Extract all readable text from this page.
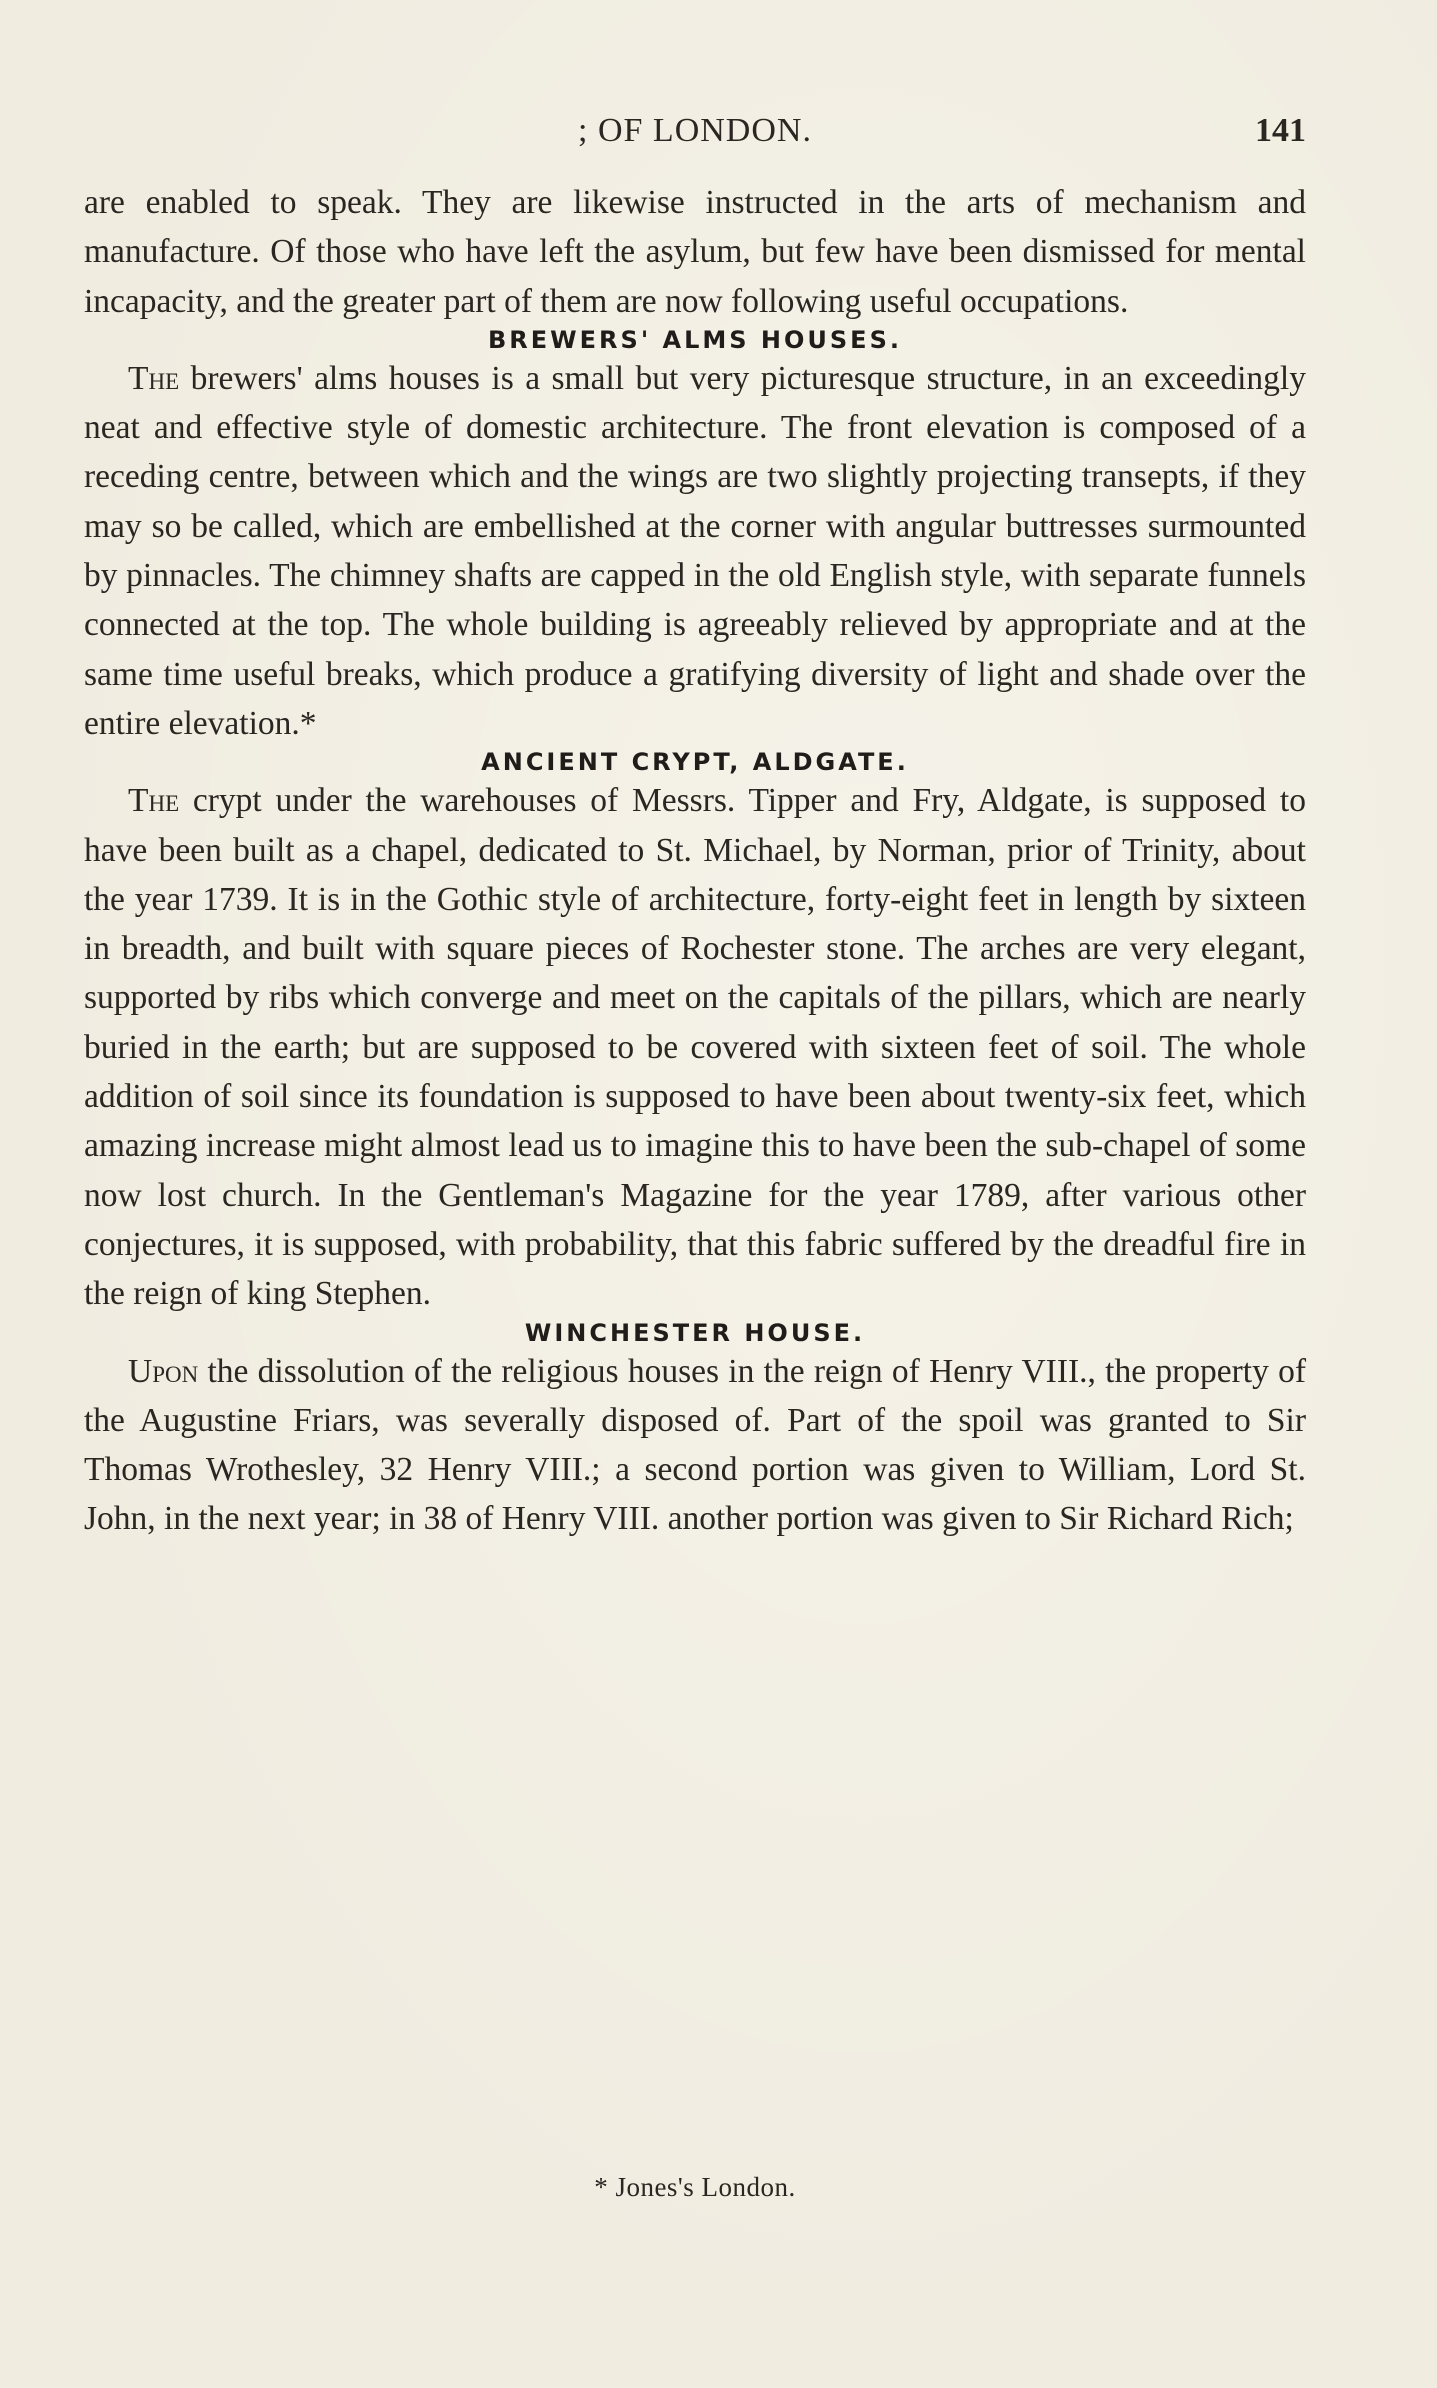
; OF LONDON.	141

are enabled to speak. They are likewise instructed in the arts of mechanism and manufacture. Of those who have left the asylum, but few have been dismissed for mental incapacity, and the greater part of them are now following useful occupations.

BREWERS' ALMS HOUSES.

The brewers' alms houses is a small but very picturesque structure, in an exceedingly neat and effective style of domestic architecture. The front elevation is composed of a receding centre, between which and the wings are two slightly projecting transepts, if they may so be called, which are embellished at the corner with angular buttresses surmounted by pinnacles. The chimney shafts are capped in the old English style, with separate funnels connected at the top. The whole building is agreeably relieved by appropriate and at the same time useful breaks, which produce a gratifying diversity of light and shade over the entire elevation.*

ANCIENT CRYPT, ALDGATE.

The crypt under the warehouses of Messrs. Tipper and Fry, Aldgate, is supposed to have been built as a chapel, dedicated to St. Michael, by Norman, prior of Trinity, about the year 1739. It is in the Gothic style of architecture, forty-eight feet in length by sixteen in breadth, and built with square pieces of Rochester stone. The arches are very elegant, supported by ribs which converge and meet on the capitals of the pillars, which are nearly buried in the earth; but are supposed to be covered with sixteen feet of soil. The whole addition of soil since its foundation is supposed to have been about twenty-six feet, which amazing increase might almost lead us to imagine this to have been the sub-chapel of some now lost church. In the Gentleman's Magazine for the year 1789, after various other conjectures, it is supposed, with probability, that this fabric suffered by the dreadful fire in the reign of king Stephen.

WINCHESTER HOUSE.

Upon the dissolution of the religious houses in the reign of Henry VIII., the property of the Augustine Friars, was severally disposed of. Part of the spoil was granted to Sir Thomas Wrothesley, 32 Henry VIII.; a second portion was given to William, Lord St. John, in the next year; in 38 of Henry VIII. another portion was given to Sir Richard Rich;

* Jones's London.
